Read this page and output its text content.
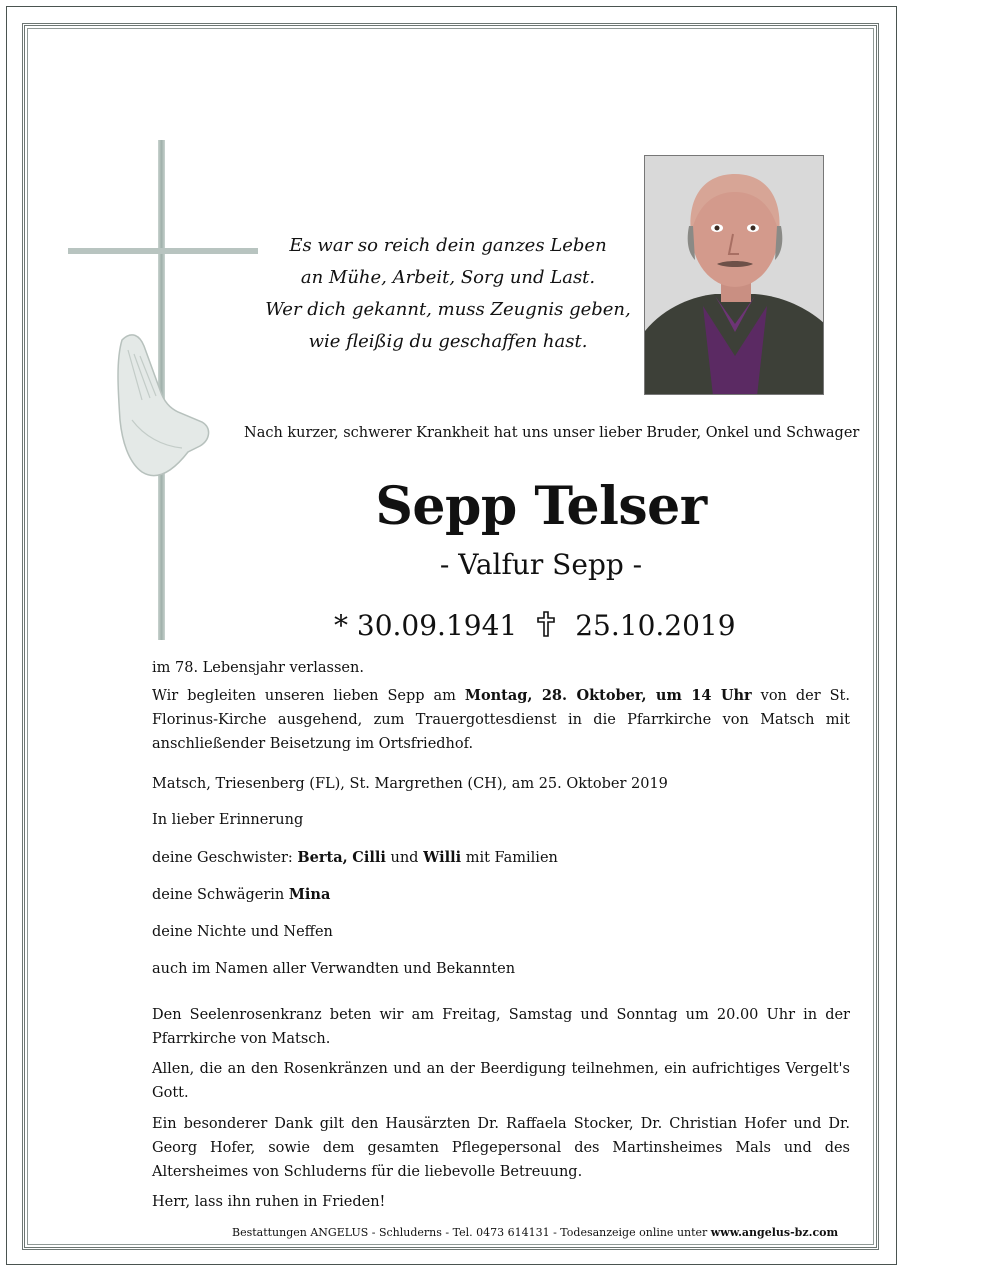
Es war so reich dein ganzes Leben
an Mühe, Arbeit, Sorg und Last.
Wer dich gekannt, muss Zeugnis geben,
wie fleißig du geschaffen hast.
Nach kurzer, schwerer Krankheit hat uns unser lieber Bruder, Onkel und Schwager
Sepp Telser
- Valfur Sepp -
* 30.09.1941 25.10.2019
im 78. Lebensjahr verlassen.
Wir begleiten unseren lieben Sepp am Montag, 28. Oktober, um 14 Uhr von der St. Florinus-Kirche ausgehend, zum Trauergottesdienst in die Pfarrkirche von Matsch mit anschließender Beisetzung im Ortsfriedhof.
Matsch, Triesenberg (FL), St. Margrethen (CH), am 25. Oktober 2019
In lieber Erinnerung
deine Geschwister: Berta, Cilli und Willi mit Familien
deine Schwägerin Mina
deine Nichte und Neffen
auch im Namen aller Verwandten und Bekannten
Den Seelenrosenkranz beten wir am Freitag, Samstag und Sonntag um 20.00 Uhr in der Pfarrkirche von Matsch.
Allen, die an den Rosenkränzen und an der Beerdigung teilnehmen, ein aufrichtiges Vergelt's Gott.
Ein besonderer Dank gilt den Hausärzten Dr. Raffaela Stocker, Dr. Christian Hofer und Dr. Georg Hofer, sowie dem gesamten Pflegepersonal des Martinsheimes Mals und des Altersheimes von Schluderns für die liebevolle Betreuung.
Herr, lass ihn ruhen in Frieden!
Bestattungen ANGELUS - Schluderns - Tel. 0473 614131 - Todesanzeige online unter www.angelus-bz.com
